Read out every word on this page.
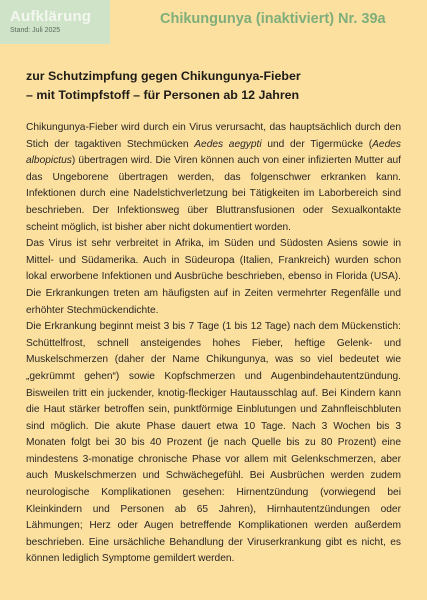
Aufklärung
Stand: Juli 2025
Chikungunya (inaktiviert) Nr. 39a
zur Schutzimpfung gegen Chikungunya-Fieber
– mit Totimpfstoff – für Personen ab 12 Jahren

Chikungunya-Fieber wird durch ein Virus verursacht, das hauptsächlich durch den Stich der tagaktiven Stechmücken Aedes aegypti und der Tigermücke (Aedes albopictus) übertragen wird. Die Viren können auch von einer infizierten Mutter auf das Ungeborene übertragen werden, das folgenschwer erkranken kann. Infektionen durch eine Nadelstichverletzung bei Tätigkeiten im Laborbereich sind beschrieben. Der Infektionsweg über Bluttransfusionen oder Sexualkontakte scheint möglich, ist bisher aber nicht dokumentiert worden.

Das Virus ist sehr verbreitet in Afrika, im Süden und Südosten Asiens sowie in Mittel- und Südamerika. Auch in Südeuropa (Italien, Frankreich) wurden schon lokal erworbene Infektionen und Ausbrüche beschrieben, ebenso in Florida (USA). Die Erkrankungen treten am häufigsten auf in Zeiten vermehrter Regenfälle und erhöhter Stechmückendichte.

Die Erkrankung beginnt meist 3 bis 7 Tage (1 bis 12 Tage) nach dem Mückenstich: Schüttelfrost, schnell ansteigendes hohes Fieber, heftige Gelenk- und Muskelschmerzen (daher der Name Chikungunya, was so viel bedeutet wie „gekrümmt gehen“) sowie Kopfschmerzen und Augenbindehautentzündung. Bisweilen tritt ein juckender, knotig-fleckiger Hautausschlag auf. Bei Kindern kann die Haut stärker betroffen sein, punktförmige Einblutungen und Zahnfleischbluten sind möglich. Die akute Phase dauert etwa 10 Tage. Nach 3 Wochen bis 3 Monaten folgt bei 30 bis 40 Prozent (je nach Quelle bis zu 80 Prozent) eine mindestens 3-monatige chronische Phase vor allem mit Gelenkschmerzen, aber auch Muskelschmerzen und Schwächegefühl. Bei Ausbrüchen werden zudem neurologische Komplikationen gesehen: Hirnentzündung (vorwiegend bei Kleinkindern und Personen ab 65 Jahren), Hirnhautentzündungen oder Lähmungen; Herz oder Augen betreffende Komplikationen werden außerdem beschrieben. Eine ursächliche Behandlung der Viruserkrankung gibt es nicht, es können lediglich Symptome gemildert werden.
